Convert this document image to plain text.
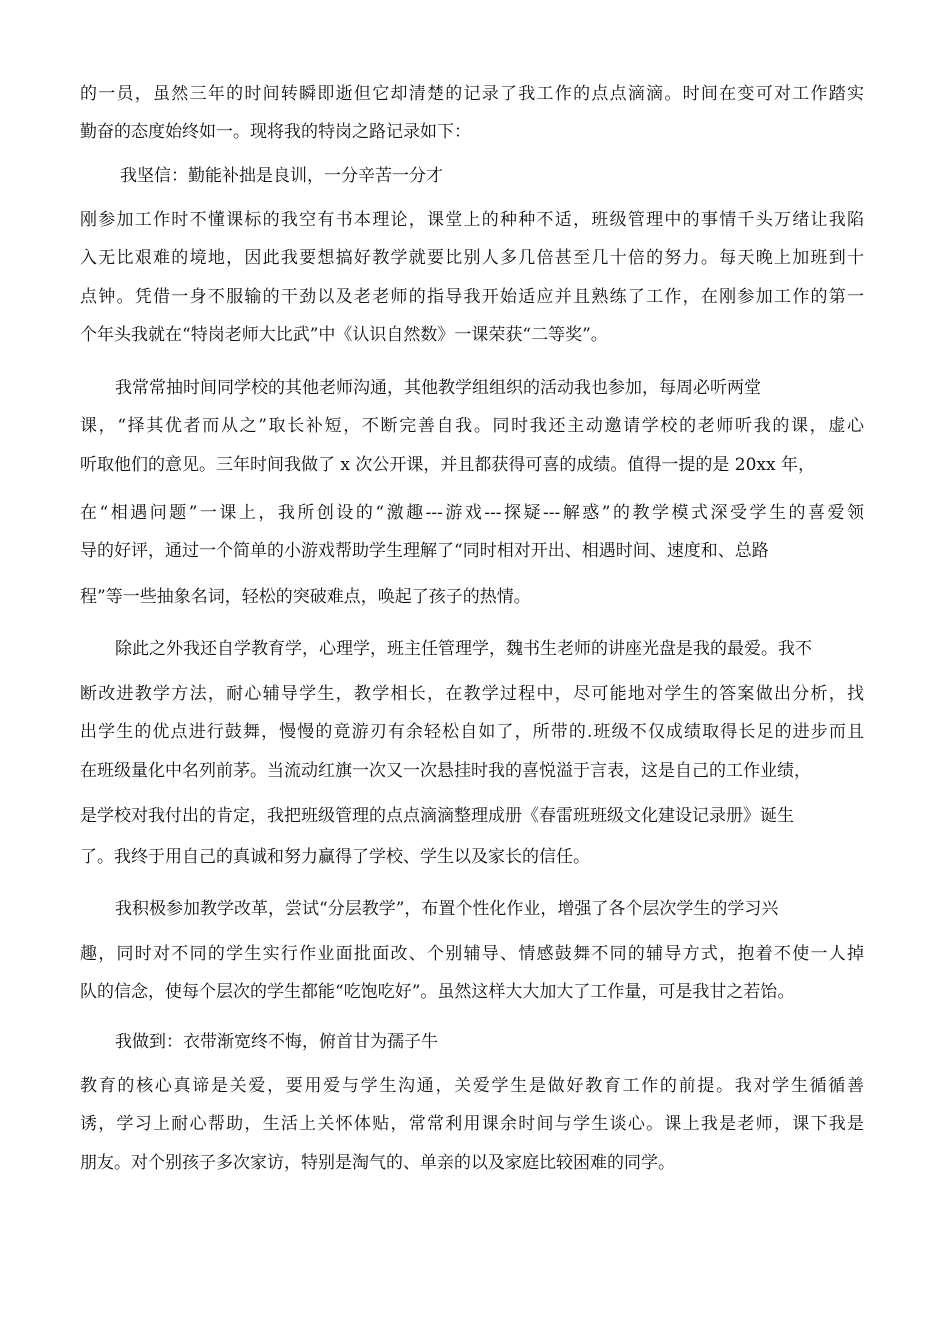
的一员，虽然三年的时间转瞬即逝但它却清楚的记录了我工作的点点滴滴。时间在变可对工作踏实
勤奋的态度始终如一。现将我的特岗之路记录如下：
我坚信：勤能补拙是良训，一分辛苦一分才
刚参加工作时不懂课标的我空有书本理论，课堂上的种种不适，班级管理中的事情千头万绪让我陷
入无比艰难的境地，因此我要想搞好教学就要比别人多几倍甚至几十倍的努力。每天晚上加班到十
点钟。凭借一身不服输的干劲以及老老师的指导我开始适应并且熟练了工作，在刚参加工作的第一
个年头我就在“特岗老师大比武”中《认识自然数》一课荣获“二等奖”。
我常常抽时间同学校的其他老师沟通，其他教学组组织的活动我也参加，每周必听两堂
课，“择其优者而从之”取长补短，不断完善自我。同时我还主动邀请学校的老师听我的课，虚心
听取他们的意见。三年时间我做了 x 次公开课，并且都获得可喜的成绩。值得一提的是 20xx 年，
在“相遇问题”一课上，我所创设的“激趣---游戏---探疑---解惑”的教学模式深受学生的喜爱领
导的好评，通过一个简单的小游戏帮助学生理解了“同时相对开出、相遇时间、速度和、总路
程”等一些抽象名词，轻松的突破难点，唤起了孩子的热情。
除此之外我还自学教育学，心理学，班主任管理学，魏书生老师的讲座光盘是我的最爱。我不
断改进教学方法，耐心辅导学生，教学相长，在教学过程中，尽可能地对学生的答案做出分析，找
出学生的优点进行鼓舞，慢慢的竟游刃有余轻松自如了，所带的.班级不仅成绩取得长足的进步而且
在班级量化中名列前茅。当流动红旗一次又一次悬挂时我的喜悦溢于言表，这是自己的工作业绩，
是学校对我付出的肯定，我把班级管理的点点滴滴整理成册《春雷班班级文化建设记录册》诞生
了。我终于用自己的真诚和努力赢得了学校、学生以及家长的信任。
我积极参加教学改革，尝试“分层教学”，布置个性化作业，增强了各个层次学生的学习兴
趣，同时对不同的学生实行作业面批面改、个别辅导、情感鼓舞不同的辅导方式，抱着不使一人掉
队的信念，使每个层次的学生都能“吃饱吃好”。虽然这样大大加大了工作量，可是我甘之若饴。
我做到：衣带渐宽终不悔，俯首甘为孺子牛
教育的核心真谛是关爱，要用爱与学生沟通，关爱学生是做好教育工作的前提。我对学生循循善
诱，学习上耐心帮助，生活上关怀体贴，常常利用课余时间与学生谈心。课上我是老师，课下我是
朋友。对个别孩子多次家访，特别是淘气的、单亲的以及家庭比较困难的同学。
